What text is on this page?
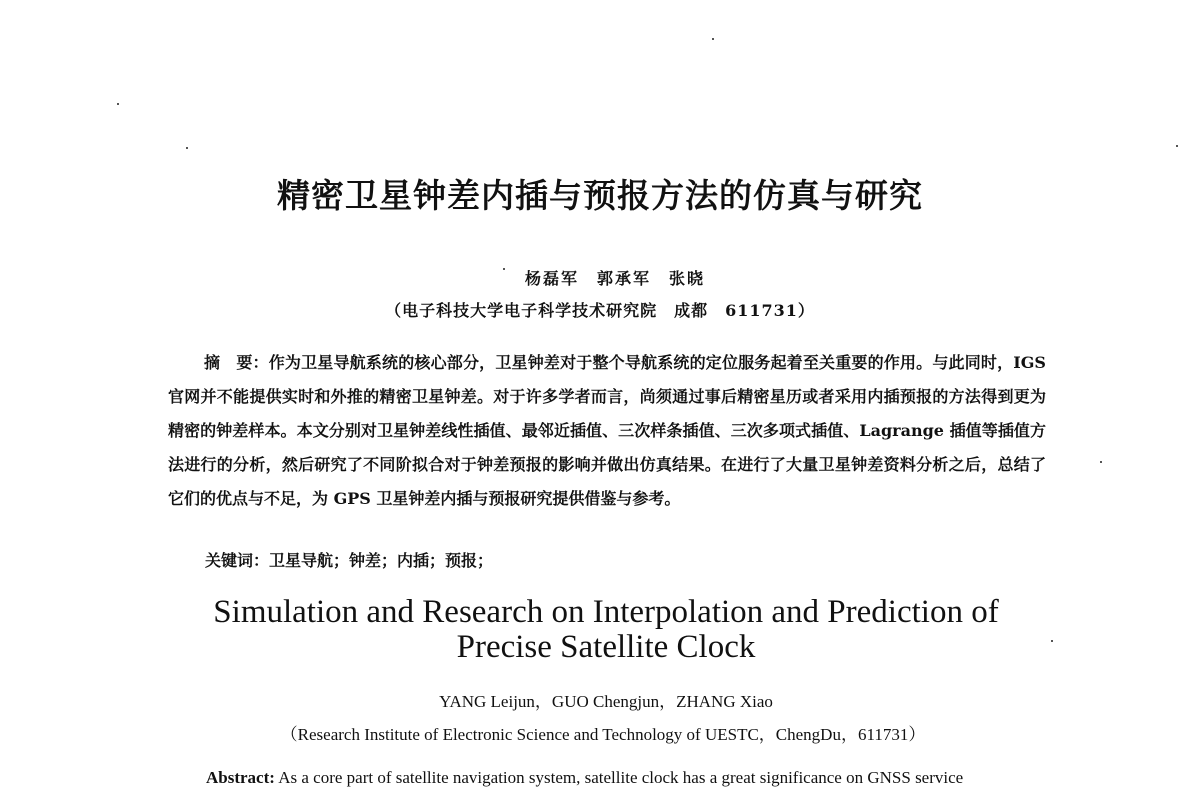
精密卫星钟差内插与预报方法的仿真与研究
杨磊军　郭承军　张晓
（电子科技大学电子科学技术研究院　成都　611731）

摘　要：作为卫星导航系统的核心部分，卫星钟差对于整个导航系统的定位服务起着至关重要的作用。与此同时，IGS 官网并不能提供实时和外推的精密卫星钟差。对于许多学者而言，尚须通过事后精密星历或者采用内插预报的方法得到更为精密的钟差样本。本文分别对卫星钟差线性插值、最邻近插值、三次样条插值、三次多项式插值、Lagrange 插值等插值方法进行的分析，然后研究了不同阶拟合对于钟差预报的影响并做出仿真结果。在进行了大量卫星钟差资料分析之后，总结了它们的优点与不足，为 GPS 卫星钟差内插与预报研究提供借鉴与参考。

关键词：卫星导航；钟差；内插；预报；

Simulation and Research on Interpolation and Prediction of
Precise Satellite Clock
YANG Leijun，GUO Chengjun，ZHANG Xiao
（Research Institute of Electronic Science and Technology of UESTC，ChengDu，611731）

Abstract: As a core part of satellite navigation system, satellite clock has a great significance on GNSS service
